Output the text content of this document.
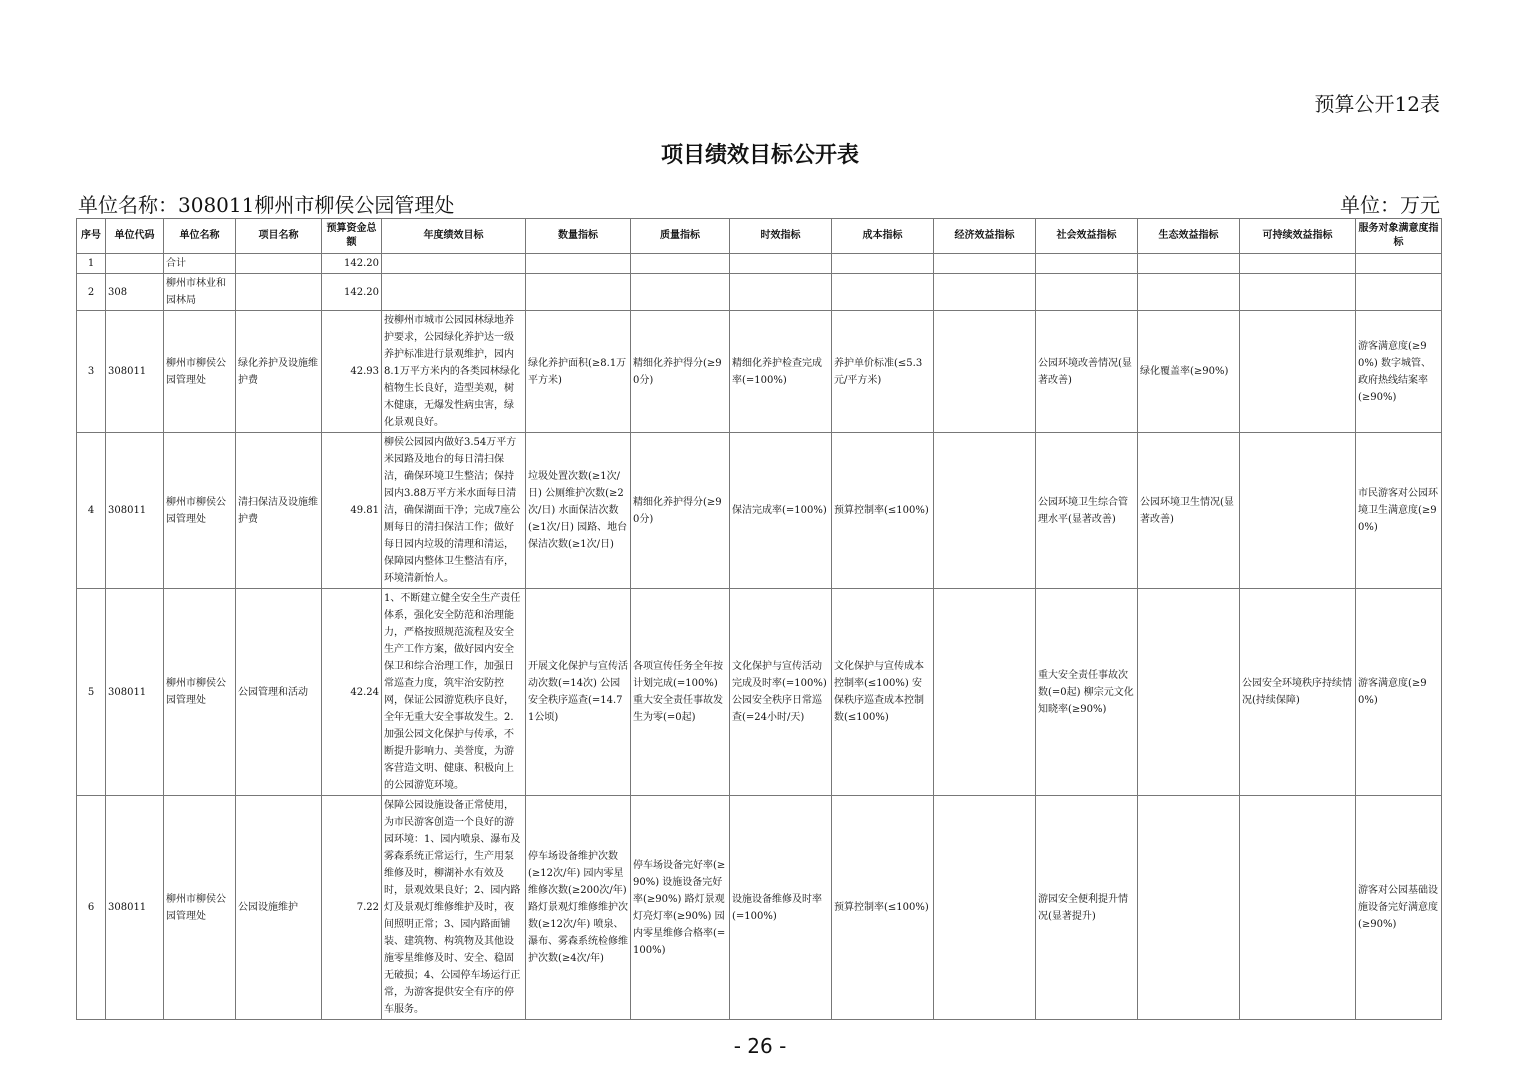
预算公开12表
项目绩效目标公开表
单位名称：308011柳州市柳侯公园管理处	单位：万元
序号	单位代码	单位名称	项目名称	预算资金总额	年度绩效目标	数量指标	质量指标	时效指标	成本指标	经济效益指标	社会效益指标	生态效益指标	可持续效益指标	服务对象满意度指标
1		合计		142.20										
2	308	柳州市林业和园林局		142.20										
3	308011	柳州市柳侯公园管理处	绿化养护及设施维护费	42.93	按柳州市城市公园园林绿地养护要求，公园绿化养护达一级养护标准进行景观维护，园内8.1万平方米内的各类园林绿化植物生长良好，造型美观，树木健康，无爆发性病虫害，绿化景观良好。	绿化养护面积(≥8.1万平方米)	精细化养护得分(≥90分)	精细化养护检查完成率(=100%)	养护单价标准(≤5.3元/平方米)		公园环境改善情况(显著改善)	绿化覆盖率(≥90%)		游客满意度(≥90%) 数字城管、政府热线结案率(≥90%)
4	308011	柳州市柳侯公园管理处	清扫保洁及设施维护费	49.81	柳侯公园园内做好3.54万平方米园路及地台的每日清扫保洁，确保环境卫生整洁；保持园内3.88万平方米水面每日清洁，确保湖面干净；完成7座公厕每日的清扫保洁工作；做好每日园内垃圾的清理和清运，保障园内整体卫生整洁有序，环境清新怡人。	垃圾处置次数(≥1次/日) 公厕维护次数(≥2次/日) 水面保洁次数(≥1次/日) 园路、地台保洁次数(≥1次/日)	精细化养护得分(≥90分)	保洁完成率(=100%)	预算控制率(≤100%)		公园环境卫生综合管理水平(显著改善)	公园环境卫生情况(显著改善)		市民游客对公园环境卫生满意度(≥90%)
5	308011	柳州市柳侯公园管理处	公园管理和活动	42.24	1、不断建立健全安全生产责任体系，强化安全防范和治理能力，严格按照规范流程及安全生产工作方案，做好园内安全保卫和综合治理工作，加强日常巡查力度，筑牢治安防控网，保证公园游览秩序良好，全年无重大安全事故发生。2.加强公园文化保护与传承，不断提升影响力、美誉度，为游客营造文明、健康、积极向上的公园游览环境。	开展文化保护与宣传活动次数(=14次) 公园安全秩序巡查(=14.71公顷)	各项宣传任务全年按计划完成(=100%) 重大安全责任事故发生为零(=0起)	文化保护与宣传活动完成及时率(=100%) 公园安全秩序日常巡查(=24小时/天)	文化保护与宣传成本控制率(≤100%) 安保秩序巡查成本控制数(≤100%)		重大安全责任事故次数(=0起) 柳宗元文化知晓率(≥90%)		公园安全环境秩序持续情况(持续保障)	游客满意度(≥90%)
6	308011	柳州市柳侯公园管理处	公园设施维护	7.22	保障公园设施设备正常使用，为市民游客创造一个良好的游园环境：1、园内喷泉、瀑布及雾森系统正常运行，生产用泵维修及时，柳湖补水有效及时，景观效果良好；2、园内路灯及景观灯维修维护及时，夜间照明正常；3、园内路面铺装、建筑物、构筑物及其他设施零星维修及时、安全、稳固无破损；4、公园停车场运行正常，为游客提供安全有序的停车服务。	停车场设备维护次数(≥12次/年) 园内零星维修次数(≥200次/年) 路灯景观灯维修维护次数(≥12次/年) 喷泉、瀑布、雾森系统检修维护次数(≥4次/年)	停车场设备完好率(≥90%) 设施设备完好率(≥90%) 路灯景观灯亮灯率(≥90%) 园内零星维修合格率(=100%)	设施设备维修及时率(=100%)	预算控制率(≤100%)		游园安全便利提升情况(显著提升)			游客对公园基础设施设备完好满意度(≥90%)
- 26 -
